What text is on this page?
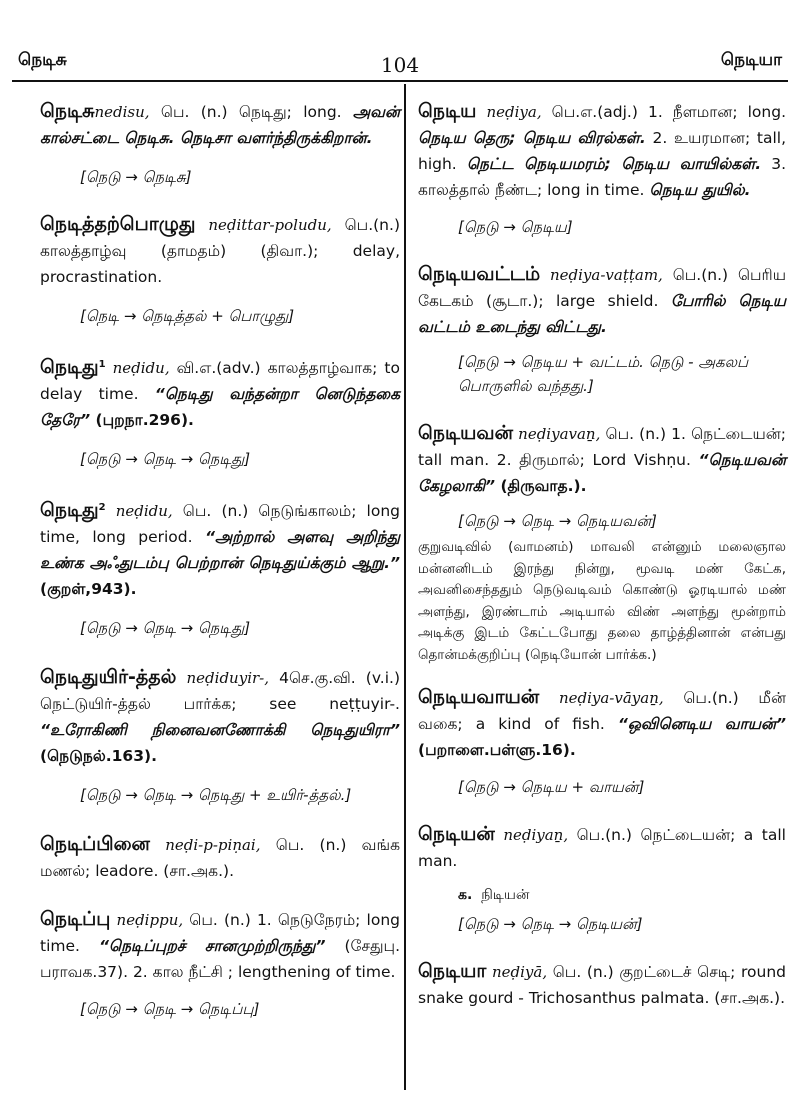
நெடிசு	104	நெடியா
நெடிசுnedisu, பெ. (n.) நெடிது; long. அவன் கால்சட்டை நெடிசு. நெடிசா வளர்ந்திருக்கிறான்.
[நெடு → நெடிசு]
நெடித்தற்பொழுது neḍittar-poludu, பெ.(n.) காலத்தாழ்வு (தாமதம்) (திவா.); delay, procrastination.
[நெடி → நெடித்தல் + பொழுது]
நெடிது$^1$ neḍidu, வி.எ.(adv.) காலத்தாழ்வாக; to delay time. “நெடிது வந்தன்றா னெடுந்தகை தேரே” (புறநா.296).
[நெடு → நெடி → நெடிது]
நெடிது$^2$ neḍidu, பெ. (n.) நெடுங்காலம்; long time, long period. “அற்றால் அளவு அறிந்து உண்க அஃதுடம்பு பெற்றான் நெடிதுய்க்கும் ஆறு.” (குறள்,943).
[நெடு → நெடி → நெடிது]
நெடிதுயிர்-த்தல் neḍiduyir-, 4செ.கு.வி. (v.i.) நெட்டுயிர்-த்தல் பார்க்க; see neṭṭuyir-. “உரோகிணி நினைவனணோக்கி நெடிதுயிரா” (நெடுநல்.163).
[நெடு → நெடி → நெடிது + உயிர்-த்தல்.]
நெடிப்பினை neḍi-p-piṇai, பெ. (n.) வங்க மணல்; leadore. (சா.அக.).
நெடிப்பு neḍippu, பெ. (n.) 1. நெடுநேரம்; long time. “நெடிப்புறச் சானமுற்றிருந்து” (சேதுபு. பராவக.37). 2. கால நீட்சி ; lengthening of time.
[நெடு → நெடி → நெடிப்பு]
நெடிய neḍiya, பெ.எ.(adj.) 1. நீளமான; long. நெடிய தெரு; நெடிய விரல்கள். 2. உயரமான; tall, high. நெட்ட நெடியமரம்; நெடிய வாயில்கள். 3. காலத்தால் நீண்ட; long in time. நெடிய துயில்.
[நெடு → நெடிய]
நெடியவட்டம் neḍiya-vaṭṭam, பெ.(n.) பெரிய கேடகம் (சூடா.); large shield. போரில் நெடிய வட்டம் உடைந்து விட்டது.
[நெடு → நெடிய + வட்டம். நெடு - அகலப் பொருளில் வந்தது.]
நெடியவன் neḍiyavaṉ, பெ. (n.) 1. நெட்டையன்; tall man. 2. திருமால்; Lord Vishṇu. “நெடியவன் கேழலாகி” (திருவாத.).
[நெடு → நெடி → நெடியவன்]
குறுவடிவில் (வாமனம்) மாவலி என்னும் மலைஞால மன்னனிடம் இரந்து நின்று, மூவடி மண் கேட்க, அவனிசைந்ததும் நெடுவடிவம் கொண்டு ஓரடியால் மண் அளந்து, இரண்டாம் அடியால் விண் அளந்து மூன்றாம் அடிக்கு இடம் கேட்டபோது தலை தாழ்த்தினான் என்பது தொன்மக்குறிப்பு (நெடியோன் பார்க்க.)
நெடியவாயன் neḍiya-vāyaṉ, பெ.(n.) மீன் வகை; a kind of fish. “ஒவினெடிய வாயன்” (பறாளை.பள்ளு.16).
[நெடு → நெடிய + வாயன்]
நெடியன் neḍiyaṉ, பெ.(n.) நெட்டையன்; a tall man.
க. நிடியன்
[நெடு → நெடி → நெடியன்]
நெடியா neḍiyā, பெ. (n.) குறட்டைச் செடி; round snake gourd - Trichosanthus palmata. (சா.அக.).
